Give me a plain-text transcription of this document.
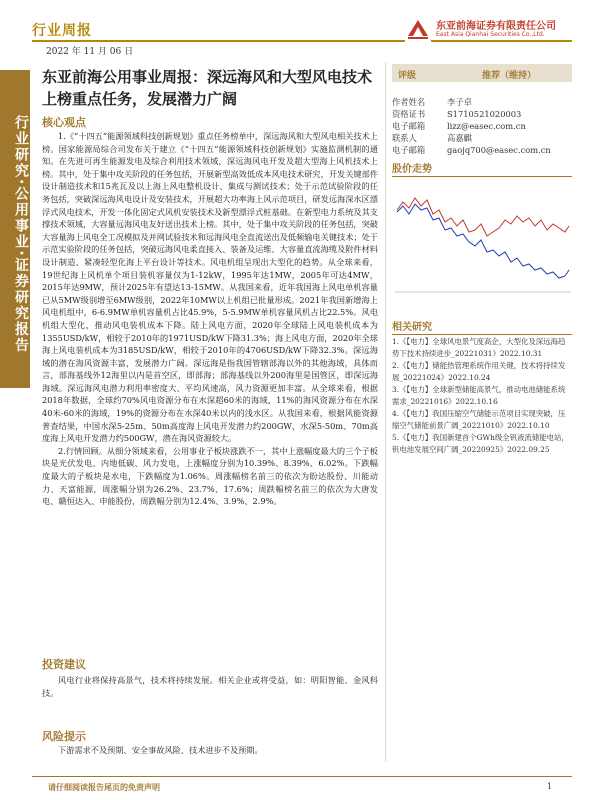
行业周报
2022 年 11 月 06 日
东亚前海证券有限责任公司
East Asia Qianhai Securities Co.,Ltd.
行业研究·公用事业·证券研究报告
东亚前海公用事业周报：深远海风和大型风电技术上榜重点任务，发展潜力广阔
核心观点

1.《“十四五”能源领域科技创新规划》重点任务榜单中，深远海风和大型风电相关技术上榜。国家能源局综合司发布关于建立《“十四五”能源领域科技创新规划》实施监测机制的通知。在先进可再生能源发电及综合利用技术领域，深远海风电开发及超大型海上风机技术上榜。其中，处于集中攻关阶段的任务包括，开展新型高效低成本风电技术研究，开发关键部件设计制造技术和15兆瓦及以上海上风电整机设计、集成与测试技术；处于示范试验阶段的任务包括，突破深远海风电设计及安装技术，开展超大功率海上风示范项目，研发远海深水区漂浮式风电技术，开发一体化固定式风机安装技术及新型漂浮式桩基础。在新型电力系统及其支撑技术领域，大容量远海风电友好送出技术上榜。其中，处于集中攻关阶段的任务包括，突破大容量海上风电全工况模拟及并网试验技术和远海风电全直流送出及低频输电关键技术；处于示范实验阶段的任务包括，突破远海风电柔直接入、装备及运维、大容量直流海缆及附件材料设计制造、紧凑轻型化海上平台设计等技术。风电机组呈现出大型化的趋势。从全球来看，19世纪海上风机单个项目装机容量仅为1-12kW，1995年达1MW，2005年可达4MW，2015年达9MW，预计2025年有望达13-15MW。从我国来看，近年我国海上风电单机容量已从5MW级别增至6MW级别，2022年10MW以上机组已批量形成。2021年我国新增海上风电机组中，6-6.9MW单机容量机占比45.9%，5-5.9MW单机容量风机占比22.5%。风电机组大型化，推动风电装机成本下降。陆上风电方面，2020年全球陆上风电装机成本为1355USD/kW，相较于2010年的1971USD/kW下降31.3%；海上风电方面，2020年全球海上风电装机成本为3185USD/kW，相较于2010年的4706USD/kW下降32.3%。深远海域的潜在海风资源丰富，发展潜力广阔。深远海是指我国管辖部海以外的其他海域，具体而言，部海基线外12海里以内是首空区，即部海；部海基线以外200海里是国管区，即深远海海域。深远海风电潜力利用率密度大、平均风速高，风力资源更加丰富。从全球来看，根据2018年数据，全球约70%风电资源分布在水深超60米的海域，11%的海风资源分布在水深40米-60米的海域，19%的资源分布在水深40米以内的浅水区。从我国来看，根据风能资源普查结果，中国水深5-25m、50m高度海上风电开发潜力约200GW，水深5-50m、70m高度海上风电开发潜力约500GW，潜在海风资源较大。

2.行情回顾。从细分领域来看，公用事业子板块涨跌不一，其中上涨幅度最大的三个子板块是光伏发电、内地低碳、风力发电，上涨幅度分别为10.39%、8.39%、6.02%。下跌幅度最大的子板块是水电，下跌幅度为1.06%。周涨幅榜名前三的依次为盼达股份、川能动力、天富能源，周涨幅分别为26.2%、23.7%、17.6%；周跌幅榜名前三的依次为大唐发电、赣恒达入、申能股份，周跌幅分别为12.4%、3.9%、2.9%。

投资建议

风电行业将保持高景气，技术将持续发展。相关企业或将受益，如：明阳智能、金风科技。

风险提示

下游需求不及预期、安全事故风险、技术进步不及预期。

评级	推荐（维持）
作者姓名	李子卓
资格证书	S1710521020003
电子邮箱	lizz@easec.com.cn
联系人	高嘉麒
电子邮箱	gaojq700@easec.com.cn
股价走势
相关研究

1.《【电力】全球风电景气度高企，大型化及深远海趋势下技术持续进步_20221031》2022.10.31

2.《【电力】储能热管理系统作用关键，技术将持续发展_20221024》2022.10.24

3.《【电力】全球新型储能高景气，推动电池储能系统需求_20221016》2022.10.16

4.《【电力】我国压缩空气储能示范项目实现突破，压缩空气储能前景广阔_20221010》2022.10.10

5.《【电力】我国新建首个GWh级全钒液流储能电站，钒电池发展空间广阔_20220925》2022.09.25

请仔细阅读报告尾页的免责声明	1
